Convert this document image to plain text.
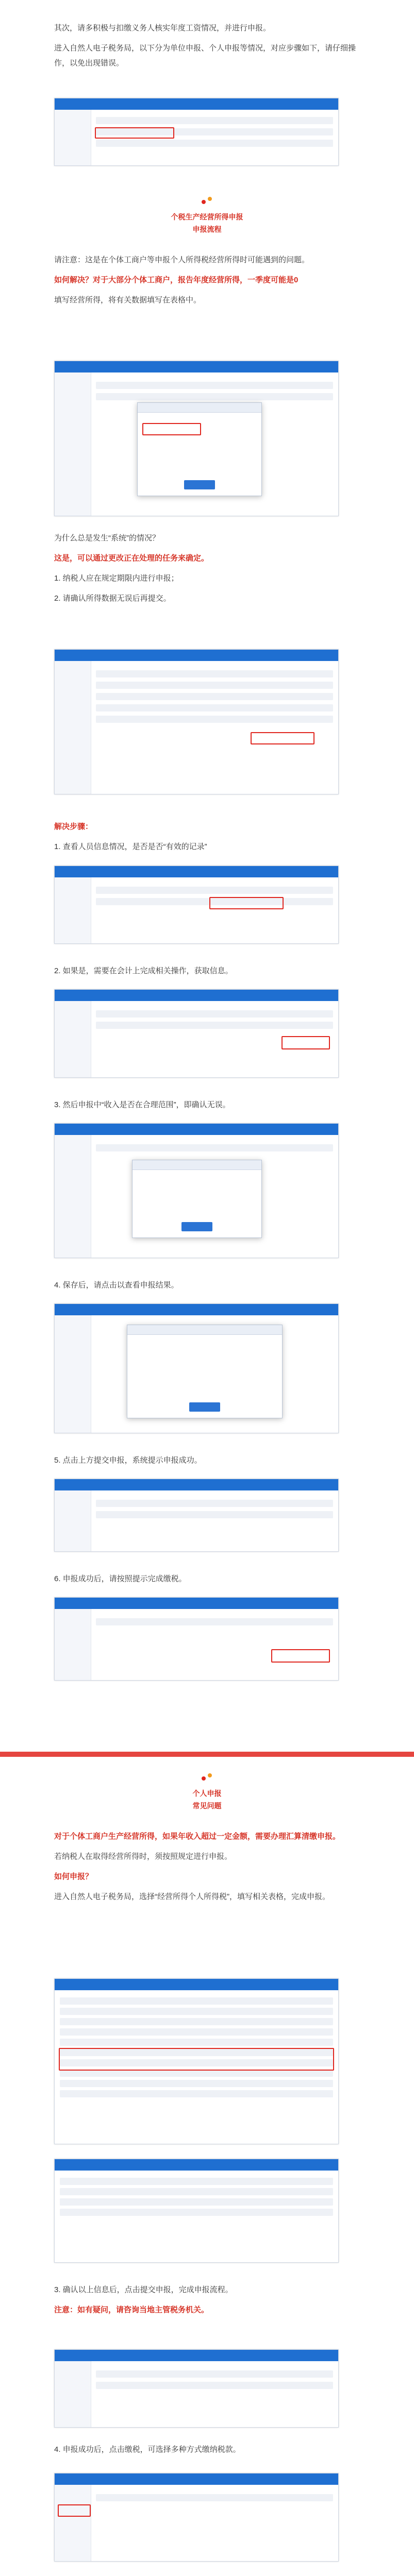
其次，请多积极与扣缴义务人核实年度工资情况，并进行申报。

进入自然人电子税务局，以下分为单位申报、个人申报等情况，对应步骤如下，请仔细操作，以免出现错误。

个税生产经营所得申报
申报流程

请注意：这是在个体工商户等申报个人所得税经营所得时可能遇到的问题。

如何解决？对于大部分个体工商户，报告年度经营所得，一季度可能是0

填写经营所得，将有关数据填写在表格中。

为什么总是发生“系统”的情况？

这是，可以通过更改正在处理的任务来确定。

1. 纳税人应在规定期限内进行申报；

2. 请确认所得数据无误后再提交。

解决步骤：

1. 查看人员信息情况，是否是否“有效的记录”

2. 如果是，需要在会计上完成相关操作，获取信息。

3. 然后申报中“收入是否在合理范围”，即确认无误。

4. 保存后，请点击以查看申报结果。

5. 点击上方提交申报，系统提示申报成功。

6. 申报成功后，请按照提示完成缴税。

个人申报
常见问题

对于个体工商户生产经营所得，如果年收入超过一定金额，需要办理汇算清缴申报。

若纳税人在取得经营所得时，须按照规定进行申报。

如何申报？

进入自然人电子税务局，选择“经营所得个人所得税”，填写相关表格，完成申报。

3. 确认以上信息后，点击提交申报，完成申报流程。

注意：如有疑问，请咨询当地主管税务机关。

4. 申报成功后，点击缴税，可选择多种方式缴纳税款。
